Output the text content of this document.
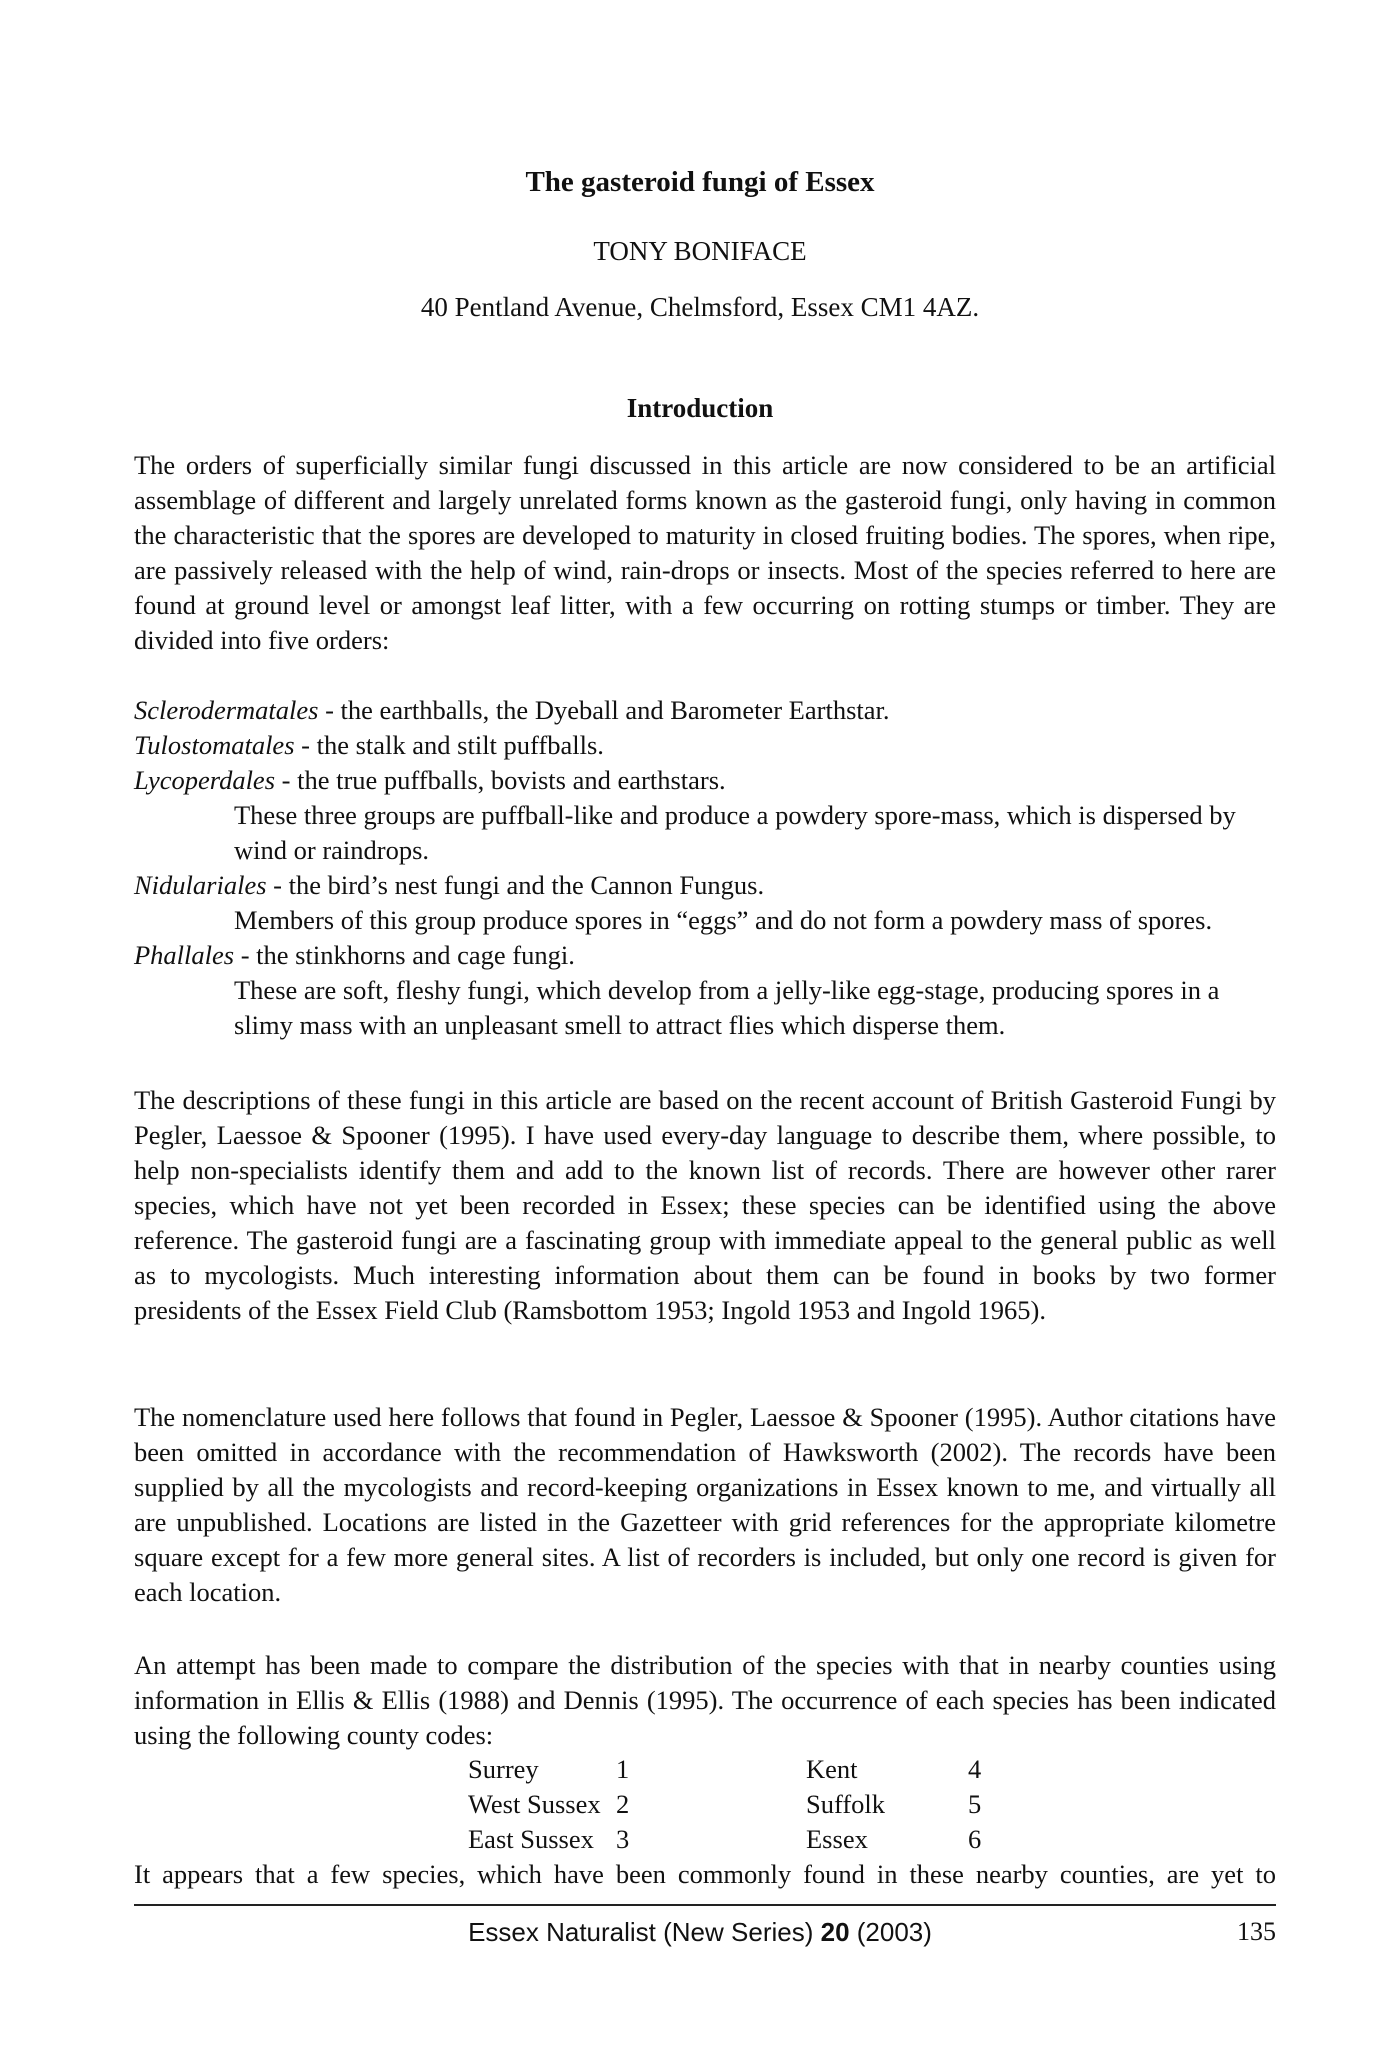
The gasteroid fungi of Essex
TONY BONIFACE
40 Pentland Avenue, Chelmsford, Essex CM1 4AZ.
Introduction

The orders of superficially similar fungi discussed in this article are now considered to be an artificial assemblage of different and largely unrelated forms known as the gasteroid fungi, only having in common the characteristic that the spores are developed to maturity in closed fruiting bodies. The spores, when ripe, are passively released with the help of wind, rain-drops or insects. Most of the species referred to here are found at ground level or amongst leaf litter, with a few occurring on rotting stumps or timber. They are divided into five orders:

Sclerodermatales - the earthballs, the Dyeball and Barometer Earthstar.
Tulostomatales - the stalk and stilt puffballs.
Lycoperdales - the true puffballs, bovists and earthstars.
These three groups are puffball-like and produce a powdery spore-mass, which is dispersed by wind or raindrops.
Nidulariales - the bird’s nest fungi and the Cannon Fungus.
Members of this group produce spores in “eggs” and do not form a powdery mass of spores.
Phallales - the stinkhorns and cage fungi.
These are soft, fleshy fungi, which develop from a jelly-like egg-stage, producing spores in a slimy mass with an unpleasant smell to attract flies which disperse them.

The descriptions of these fungi in this article are based on the recent account of British Gasteroid Fungi by Pegler, Laessoe & Spooner (1995). I have used every-day language to describe them, where possible, to help non-specialists identify them and add to the known list of records. There are however other rarer species, which have not yet been recorded in Essex; these species can be identified using the above reference. The gasteroid fungi are a fascinating group with immediate appeal to the general public as well as to mycologists. Much interesting information about them can be found in books by two former presidents of the Essex Field Club (Ramsbottom 1953; Ingold 1953 and Ingold 1965).

The nomenclature used here follows that found in Pegler, Laessoe & Spooner (1995). Author citations have been omitted in accordance with the recommendation of Hawksworth (2002). The records have been supplied by all the mycologists and record-keeping organizations in Essex known to me, and virtually all are unpublished. Locations are listed in the Gazetteer with grid references for the appropriate kilometre square except for a few more general sites. A list of recorders is included, but only one record is given for each location.

An attempt has been made to compare the distribution of the species with that in nearby counties using information in Ellis & Ellis (1988) and Dennis (1995). The occurrence of each species has been indicated using the following county codes:

Surrey	1	Kent	4
West Sussex 2	Suffolk	5
East Sussex 3	Essex	6
It appears that a few species, which have been commonly found in these nearby counties, are yet to
Essex Naturalist (New Series) 20 (2003)	135
